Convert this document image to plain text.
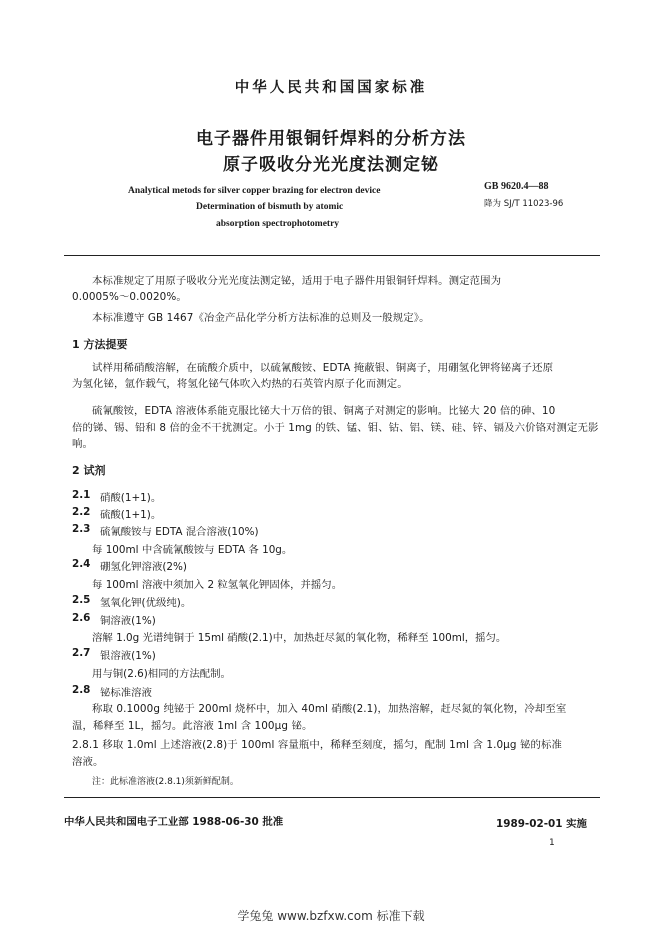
中华人民共和国国家标准
电子器件用银铜钎焊料的分析方法
原子吸收分光光度法测定铋
Analytical metods for silver copper brazing for electron device
Determination of bismuth by atomic
absorption spectrophotometry
GB 9620.4—88
降为 SJ/T 11023-96
本标准规定了用原子吸收分光光度法测定铋，适用于电子器件用银铜钎焊料。测定范围为
0.0005%～0.0020%。
本标准遵守 GB 1467《冶金产品化学分析方法标准的总则及一般规定》。
1 方法提要
试样用稀硝酸溶解，在硫酸介质中，以硫氰酸铵、EDTA 掩蔽银、铜离子，用硼氢化钾将铋离子还原
为氢化铋，氩作载气，将氢化铋气体吹入灼热的石英管内原子化而测定。
硫氰酸铵，EDTA 溶液体系能克服比铋大十万倍的银、铜离子对测定的影响。比铋大 20 倍的砷、10
倍的锑、锡、铅和 8 倍的金不干扰测定。小于 1mg 的铁、锰、钼、钴、铝、镁、硅、锌、镉及六价铬对测定无影
响。
2 试剂
2.1 硝酸(1+1)。
2.2 硫酸(1+1)。
2.3 硫氰酸铵与 EDTA 混合溶液(10%)
每 100ml 中含硫氰酸铵与 EDTA 各 10g。
2.4 硼氢化钾溶液(2%)
每 100ml 溶液中须加入 2 粒氢氧化钾固体，并摇匀。
2.5 氢氧化钾(优级纯)。
2.6 铜溶液(1%)
溶解 1.0g 光谱纯铜于 15ml 硝酸(2.1)中，加热赶尽氮的氧化物，稀释至 100ml，摇匀。
2.7 银溶液(1%)
用与铜(2.6)相同的方法配制。
2.8 铋标准溶液
称取 0.1000g 纯铋于 200ml 烧杯中，加入 40ml 硝酸(2.1)，加热溶解，赶尽氮的氧化物，冷却至室
温，稀释至 1L，摇匀。此溶液 1ml 含 100μg 铋。
2.8.1 移取 1.0ml 上述溶液(2.8)于 100ml 容量瓶中，稀释至刻度，摇匀，配制 1ml 含 1.0μg 铋的标准
溶液。
注：此标准溶液(2.8.1)须新鲜配制。
中华人民共和国电子工业部 1988-06-30 批准	1989-02-01 实施
1
学兔兔 www.bzfxw.com 标准下载
